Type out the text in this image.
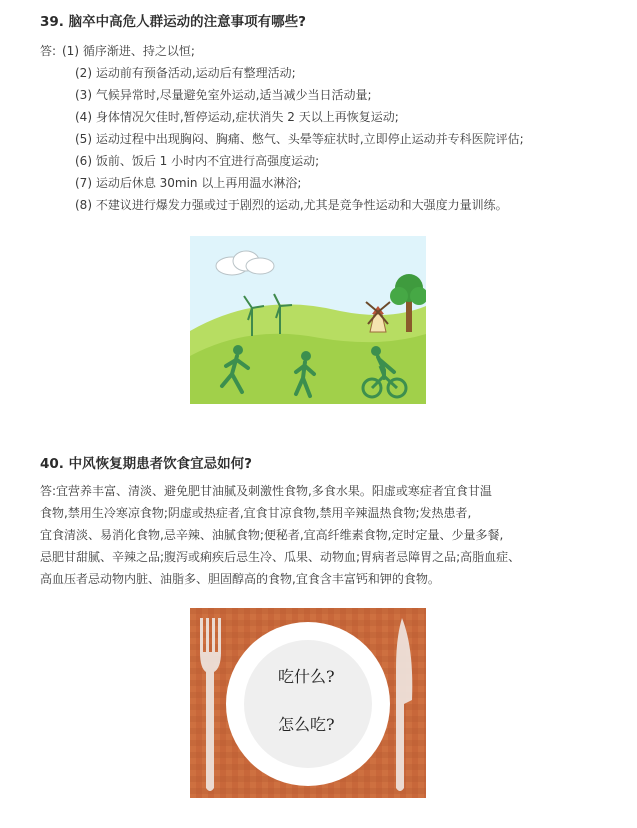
39. 脑卒中高危人群运动的注意事项有哪些?
答: (1) 循序渐进、持之以恒;
(2) 运动前有预备活动,运动后有整理活动;
(3) 气候异常时,尽量避免室外运动,适当减少当日活动量;
(4) 身体情况欠佳时,暂停运动,症状消失 2 天以上再恢复运动;
(5) 运动过程中出现胸闷、胸痛、憋气、头晕等症状时,立即停止运动并专科医院评估;
(6) 饭前、饭后 1 小时内不宜进行高强度运动;
(7) 运动后休息 30min 以上再用温水淋浴;
(8) 不建议进行爆发力强或过于剧烈的运动,尤其是竞争性运动和大强度力量训练。
40. 中风恢复期患者饮食宜忌如何?
答:宜营养丰富、清淡、避免肥甘油腻及刺激性食物,多食水果。阳虚或寒症者宜食甘温
食物,禁用生冷寒凉食物;阴虚或热症者,宜食甘凉食物,禁用辛辣温热食物;发热患者,
宜食清淡、易消化食物,忌辛辣、油腻食物;便秘者,宜高纤维素食物,定时定量、少量多餐,
忌肥甘甜腻、辛辣之品;腹泻或痢疾后忌生冷、瓜果、动物血;胃病者忌障胃之品;高脂血症、
高血压者忌动物内脏、油脂多、胆固醇高的食物,宜食含丰富钙和钾的食物。
吃什么?
怎么吃?
